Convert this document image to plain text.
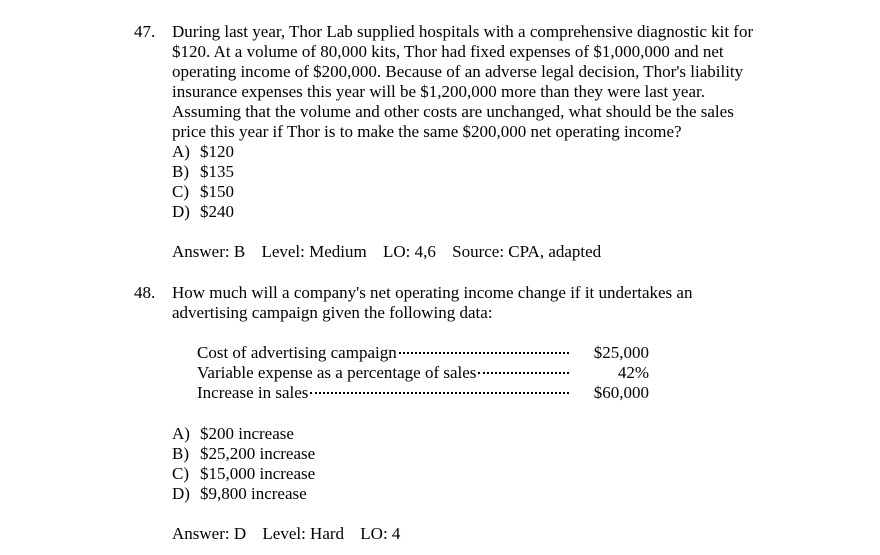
47. During last year, Thor Lab supplied hospitals with a comprehensive diagnostic kit for

$120. At a volume of 80,000 kits, Thor had fixed expenses of $1,000,000 and net

operating income of $200,000. Because of an adverse legal decision, Thor's liability

insurance expenses this year will be $1,200,000 more than they were last year.

Assuming that the volume and other costs are unchanged, what should be the sales

price this year if Thor is to make the same $200,000 net operating income?

A) $120
B) $135
C) $150
D) $240
Answer: B Level: Medium LO: 4,6 Source: CPA, adapted
48. How much will a company's net operating income change if it undertakes an

advertising campaign given the following data:

Cost of advertising campaign	$25,000
Variable expense as a percentage of sales	42%
Increase in sales	$60,000
A) $200 increase
B) $25,200 increase
C) $15,000 increase
D) $9,800 increase
Answer: D Level: Hard LO: 4
